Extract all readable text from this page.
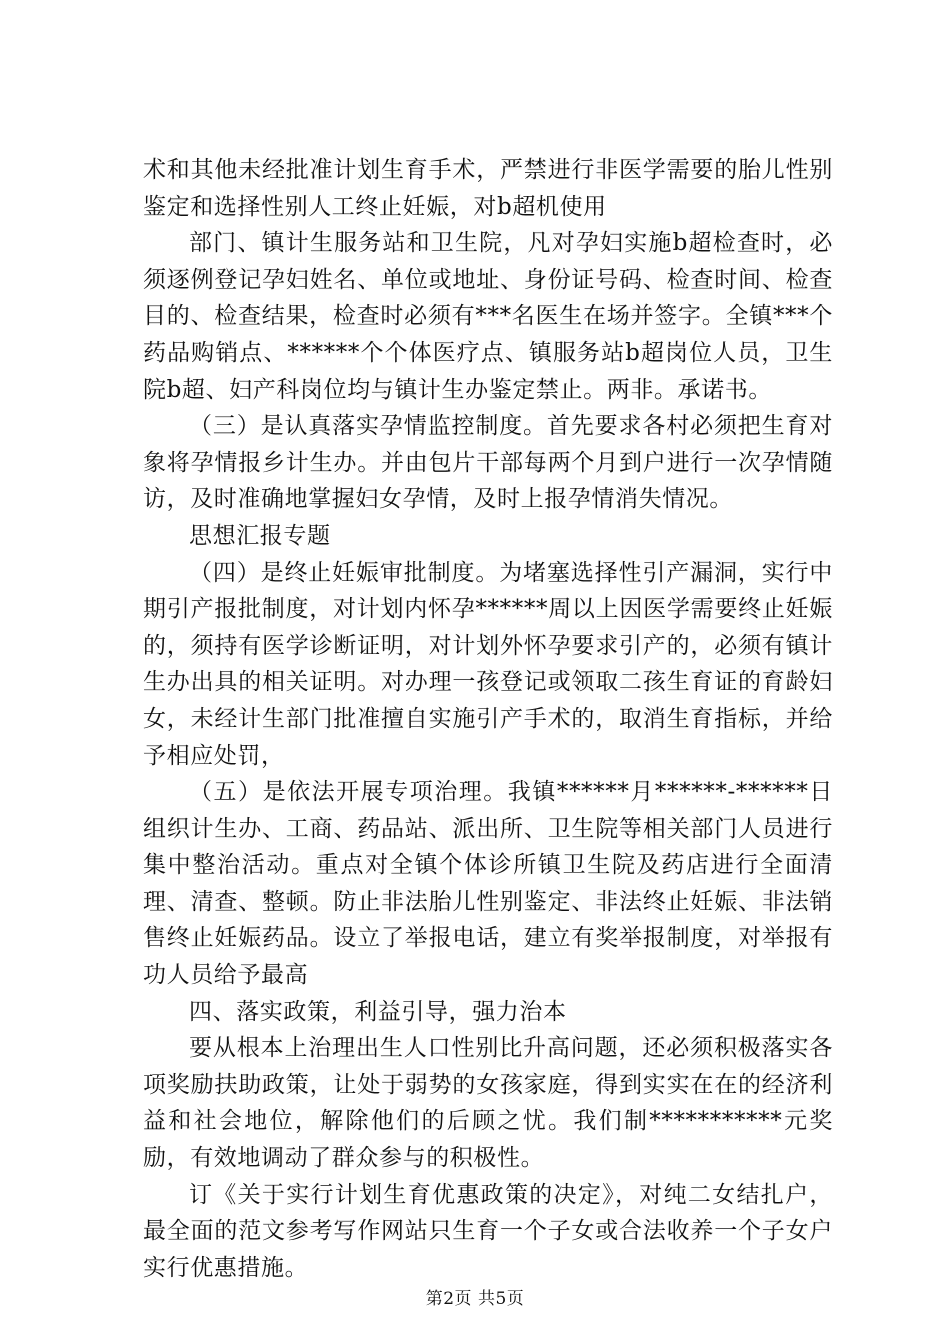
术和其他未经批准计划生育手术，严禁进行非医学需要的胎儿性别鉴定和选择性别人工终止妊娠，对b超机使用

部门、镇计生服务站和卫生院，凡对孕妇实施b超检查时，必须逐例登记孕妇姓名、单位或地址、身份证号码、检查时间、检查目的、检查结果，检查时必须有***名医生在场并签字。全镇***个药品购销点、******个个体医疗点、镇服务站b超岗位人员，卫生院b超、妇产科岗位均与镇计生办鉴定禁止。两非。承诺书。

（三）是认真落实孕情监控制度。首先要求各村必须把生育对象将孕情报乡计生办。并由包片干部每两个月到户进行一次孕情随访，及时准确地掌握妇女孕情，及时上报孕情消失情况。

思想汇报专题

（四）是终止妊娠审批制度。为堵塞选择性引产漏洞，实行中期引产报批制度，对计划内怀孕******周以上因医学需要终止妊娠的，须持有医学诊断证明，对计划外怀孕要求引产的，必须有镇计生办出具的相关证明。对办理一孩登记或领取二孩生育证的育龄妇女，未经计生部门批准擅自实施引产手术的，取消生育指标，并给予相应处罚，

（五）是依法开展专项治理。我镇******月******-******日组织计生办、工商、药品站、派出所、卫生院等相关部门人员进行集中整治活动。重点对全镇个体诊所镇卫生院及药店进行全面清理、清查、整顿。防止非法胎儿性别鉴定、非法终止妊娠、非法销售终止妊娠药品。设立了举报电话，建立有奖举报制度，对举报有功人员给予最高

四、落实政策，利益引导，强力治本

要从根本上治理出生人口性别比升高问题，还必须积极落实各项奖励扶助政策，让处于弱势的女孩家庭，得到实实在在的经济利益和社会地位，解除他们的后顾之忧。我们制***********元奖励，有效地调动了群众参与的积极性。

订《关于实行计划生育优惠政策的决定》，对纯二女结扎户，最全面的范文参考写作网站只生育一个子女或合法收养一个子女户实行优惠措施。

第2页 共5页
